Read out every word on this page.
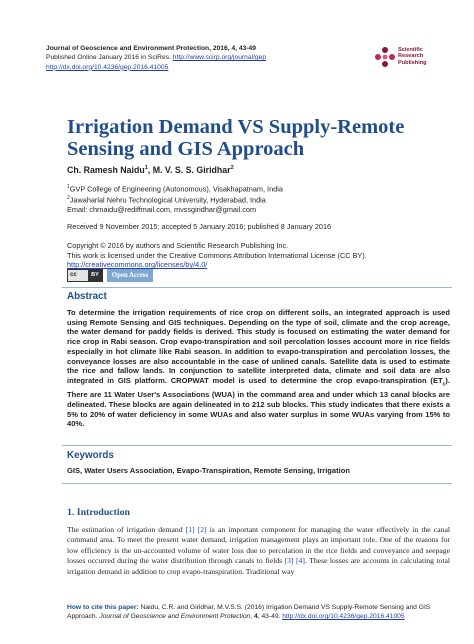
Journal of Geoscience and Environment Protection, 2016, 4, 43-49
Published Online January 2016 in SciRes. http://www.scirp.org/journal/gep
http://dx.doi.org/10.4236/gep.2016.41005
Scientific
Research
Publishing
Irrigation Demand VS Supply-Remote
Sensing and GIS Approach
Ch. Ramesh Naidu$^1$, M. V. S. S. Giridhar$^2$
$^1$GVP College of Engineering (Autonomous), Visakhapatnam, India
$^2$Jawaharlal Nehru Technological University, Hyderabad, India
Email: chrnaidu@rediffmail.com, mvssgiridhar@gmail.com
Received 9 November 2015; accepted 5 January 2016; published 8 January 2016
Copyright © 2016 by authors and Scientific Research Publishing Inc.
This work is licensed under the Creative Commons Attribution International License (CC BY).
http://creativecommons.org/licenses/by/4.0/
cc	BY	Open Access
Abstract
To determine the irrigation requirements of rice crop on different soils, an integrated approach is used using Remote Sensing and GIS techniques. Depending on the type of soil, climate and the crop acreage, the water demand for paddy fields is derived. This study is focused on estimating the water demand for rice crop in Rabi season. Crop evapo-transpiration and soil percolation losses account more in rice fields especially in hot climate like Rabi season. In addition to evapo-transpiration and percolation losses, the conveyance losses are also accountable in the case of unlined canals. Satellite data is used to estimate the rice and fallow lands. In conjunction to satellite interpreted data, climate and soil data are also integrated in GIS platform. CROPWAT model is used to determine the crop evapo-transpiration $(ET_c)$. There are 11 Water User's Associations (WUA) in the command area and under which 13 canal blocks are delineated. These blocks are again delineated in to 212 sub blocks. This study indicates that there exists a 5% to 20% of water deficiency in some WUAs and also water surplus in some WUAs varying from 15% to 40%.
Keywords
GIS, Water Users Association, Evapo-Transpiration, Remote Sensing, Irrigation
1. Introduction
The estimation of irrigation demand [1] [2] is an important component for managing the water effectively in the canal command area. To meet the present water demand, irrigation management plays an important role. One of the reasons for low efficiency is the un-accounted volume of water loss due to percolation in the rice fields and conveyance and seepage losses occurred during the water distribution through canals to fields [3] [4]. These losses are accounts in calculating total irrigation demand in addition to crop evapo-transpiration. Traditional way
How to cite this paper: Naidu, C.R. and Giridhar, M.V.S.S. (2016) Irrigation Demand VS Supply-Remote Sensing and GIS Approach. Journal of Geoscience and Environment Protection, 4, 43-49. http://dx.doi.org/10.4236/gep.2016.41005
